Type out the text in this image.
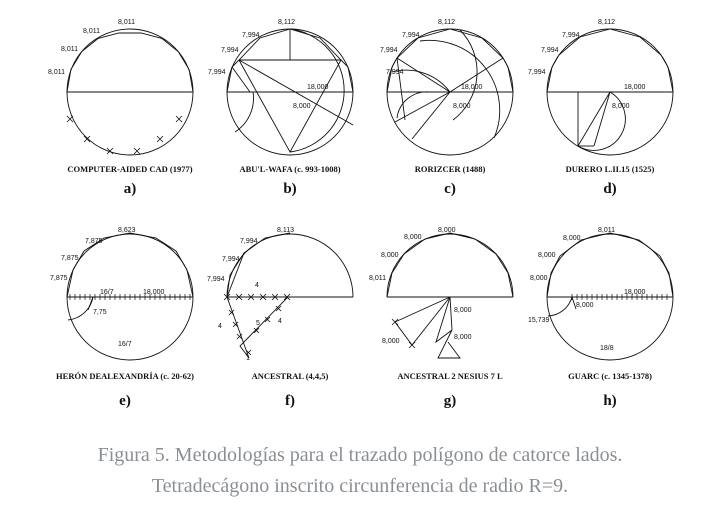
8,011
8,011
8,011
8,011
8,112
7,994
7,994
7,994
18,000
8,000
8,112
7,994
7,994
7,994
18,000
8,000
8,112
7,994
7,994
7,994
18,000
8,000
8,623
7,875
7,875
7,875
16/7	18,000
7,75
16/7
8,113
7,994
7,994
7,994
4
4	5	4
1
8,000
8,000
8,000
8,011
8,000
8,000
8,000
8,011
8,000
8,000
8,000
18,000
15,739
8,000
18/8
COMPUTER-AIDED CAD (1977)
a)
ABU'L-WAFA (c. 993-1008)
b)
RORIZCER (1488)
c)
DURERO L.II.15 (1525)
d)
HERÓN DEALEXANDRÍA (c. 20-62)
e)
ANCESTRAL (4,4,5)
f)
ANCESTRAL 2 NESIUS 7 L
g)
GUARC (c. 1345-1378)
h)
Figura 5. Metodologías para el trazado polígono de catorce lados.
Tetradecágono inscrito circunferencia de radio R=9.
